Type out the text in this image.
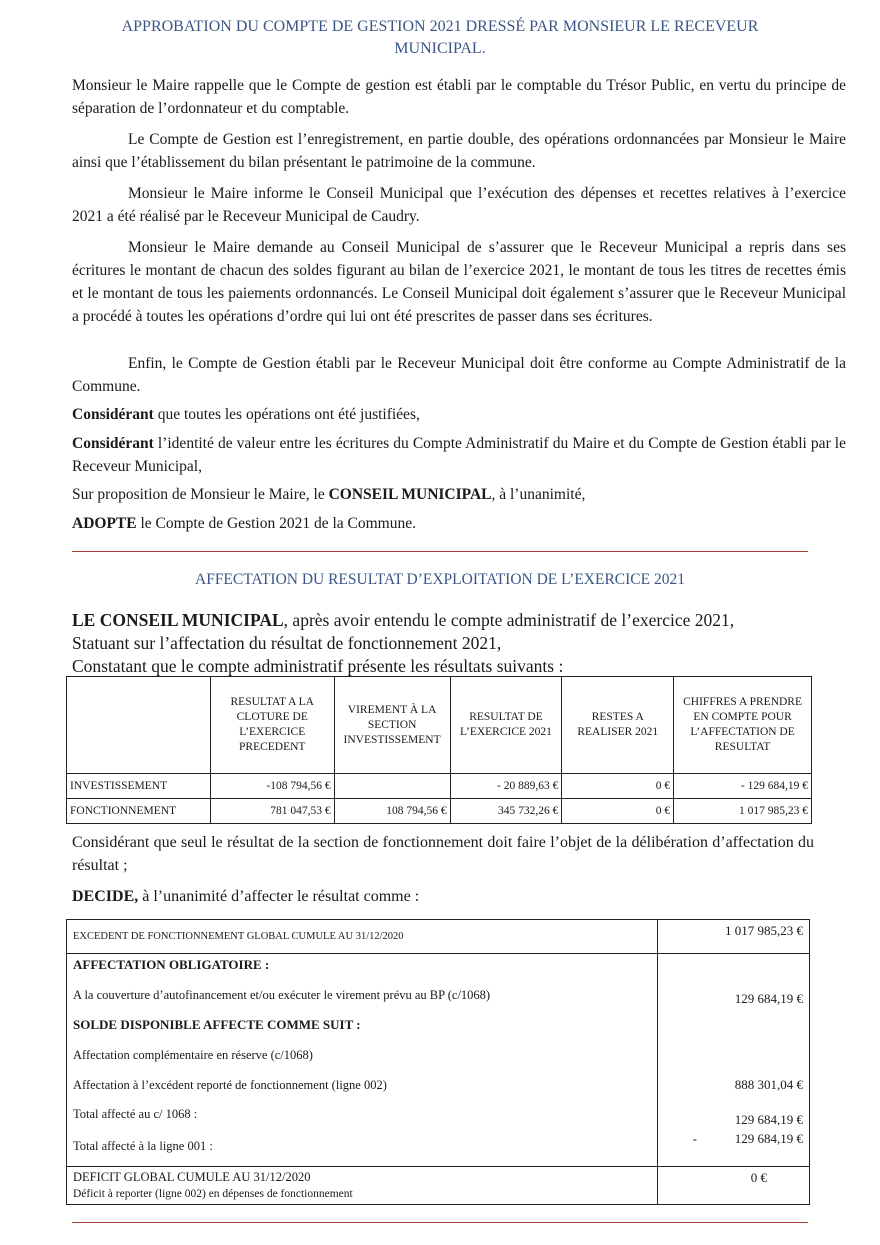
APPROBATION DU COMPTE DE GESTION 2021 DRESSÉ PAR MONSIEUR LE RECEVEUR MUNICIPAL.
Monsieur le Maire rappelle que le Compte de gestion est établi par le comptable du Trésor Public, en vertu du principe de séparation de l’ordonnateur et du comptable.
Le Compte de Gestion est l’enregistrement, en partie double, des opérations ordonnancées par Monsieur le Maire ainsi que l’établissement du bilan présentant le patrimoine de la commune.
Monsieur le Maire informe le Conseil Municipal que l’exécution des dépenses et recettes relatives à l’exercice 2021 a été réalisé par le Receveur Municipal de Caudry.
Monsieur le Maire demande au Conseil Municipal de s’assurer que le Receveur Municipal a repris dans ses écritures le montant de chacun des soldes figurant au bilan de l’exercice 2021, le montant de tous les titres de recettes émis et le montant de tous les paiements ordonnancés. Le Conseil Municipal doit également s’assurer que le Receveur Municipal a procédé à toutes les opérations d’ordre qui lui ont été prescrites de passer dans ses écritures.
Enfin, le Compte de Gestion établi par le Receveur Municipal doit être conforme au Compte Administratif de la Commune.
Considérant que toutes les opérations ont été justifiées,
Considérant l’identité de valeur entre les écritures du Compte Administratif du Maire et du Compte de Gestion établi par le Receveur Municipal,
Sur proposition de Monsieur le Maire, le CONSEIL MUNICIPAL, à l’unanimité,
ADOPTE le Compte de Gestion 2021 de la Commune.
AFFECTATION DU RESULTAT D’EXPLOITATION DE L’EXERCICE 2021
LE CONSEIL MUNICIPAL, après avoir entendu le compte administratif de l’exercice 2021,
Statuant sur l’affectation du résultat de fonctionnement 2021,
Constatant que le compte administratif présente les résultats suivants :
	RESULTAT A LA CLOTURE DE L’EXERCICE PRECEDENT	VIREMENT À LA SECTION INVESTISSEMENT	RESULTAT DE L’EXERCICE 2021	RESTES A REALISER 2021	CHIFFRES A PRENDRE EN COMPTE POUR L’AFFECTATION DE RESULTAT
INVESTISSEMENT	-108 794,56 €		- 20 889,63 €	0 €	- 129 684,19 €
FONCTIONNEMENT	781 047,53 €	108 794,56 €	345 732,26 €	0 €	1 017 985,23 €
Considérant que seul le résultat de la section de fonctionnement doit faire l’objet de la délibération d’affectation du résultat ;
DECIDE, à l’unanimité d’affecter le résultat comme :
EXCEDENT DE FONCTIONNEMENT GLOBAL CUMULE AU 31/12/2020	1 017 985,23 €
AFFECTATION OBLIGATOIRE :
A la couverture d’autofinancement et/ou exécuter le virement prévu au BP (c/1068)	129 684,19 €
SOLDE DISPONIBLE AFFECTE COMME SUIT :
Affectation complémentaire en réserve (c/1068)
Affectation à l’excédent reporté de fonctionnement (ligne 002)	888 301,04 €
Total affecté au c/ 1068 :	129 684,19 €
Total affecté à la ligne 001 :	-	129 684,19 €
DEFICIT GLOBAL CUMULE AU 31/12/2020
Déficit à reporter (ligne 002) en dépenses de fonctionnement
0 €
